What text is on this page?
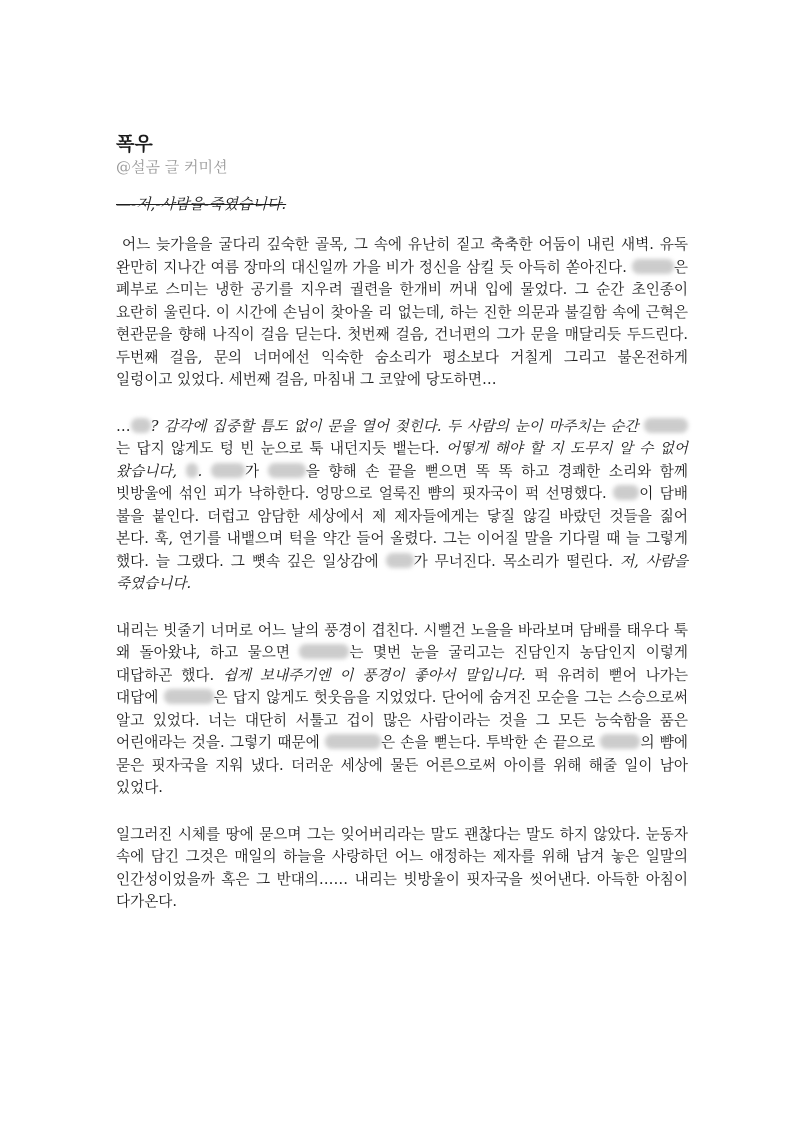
폭우

@설곰 글 커미션

—-저,-사람을-죽였습니다.

어느 늦가을을 굴다리 깊숙한 골목, 그 속에 유난히 짙고 축축한 어둠이 내린 새벽. 유독 완만히 지나간 여름 장마의 대신일까 가을 비가 정신을 삼킬 듯 아득히 쏟아진다.	은 폐부로 스미는 냉한 공기를 지우려 궐련을 한개비 꺼내 입에 물었다. 그 순간 초인종이 요란히 울린다. 이 시간에 손님이 찾아올 리 없는데, 하는 진한 의문과 불길함 속에 근혁은 현관문을 향해 나직이 걸음 딛는다. 첫번째 걸음, 건너편의 그가 문을 매달리듯 두드린다. 두번째 걸음, 문의 너머에선 익숙한 숨소리가 평소보다 거칠게 그리고 불온전하게 일렁이고 있었다. 세번째 걸음, 마침내 그 코앞에 당도하면…

… ? 감각에 집중할 틈도 없이 문을 열어 젖힌다. 두 사람의 눈이 마주치는 순간 는 답지 않게도 텅 빈 눈으로 툭 내던지듯 뱉는다. 어떻게 해야 할 지 도무지 알 수 없어 왔습니다, . 가	을 향해 손 끝을 뻗으면 똑 똑 하고 경쾌한 소리와 함께 빗방울에 섞인 피가 낙하한다. 엉망으로 얼룩진 뺨의 핏자국이 퍽 선명했다. 이 담배 불을 붙인다. 더럽고 암담한 세상에서 제 제자들에게는 닿질 않길 바랐던 것들을 짊어 본다. 훅, 연기를 내뱉으며 턱을 약간 들어 올렸다. 그는 이어질 말을 기다릴 때 늘 그렇게 했다. 늘 그랬다. 그 뼛속 깊은 일상감에 가 무너진다. 목소리가 떨린다. 저, 사람을 죽였습니다.

내리는 빗줄기 너머로 어느 날의 풍경이 겹친다. 시뻘건 노을을 바라보며 담배를 태우다 툭 왜 돌아왔냐, 하고 물으면	는 몇번 눈을 굴리고는 진담인지 농담인지 이렇게 대답하곤 했다. 쉽게 보내주기엔 이 풍경이 좋아서 말입니다. 퍽 유려히 뻗어 나가는 대답에	은 답지 않게도 헛웃음을 지었었다. 단어에 숨겨진 모순을 그는 스승으로써 알고 있었다. 너는 대단히 서툴고 겁이 많은 사람이라는 것을 그 모든 능숙함을 품은 어린애라는 것을. 그렇기 때문에	은 손을 뻗는다. 투박한 손 끝으로	의 뺨에 묻은 핏자국을 지워 냈다. 더러운 세상에 물든 어른으로써 아이를 위해 해줄 일이 남아 있었다.

일그러진 시체를 땅에 묻으며 그는 잊어버리라는 말도 괜찮다는 말도 하지 않았다. 눈동자 속에 담긴 그것은 매일의 하늘을 사랑하던 어느 애정하는 제자를 위해 남겨 놓은 일말의 인간성이었을까 혹은 그 반대의…… 내리는 빗방울이 핏자국을 씻어낸다. 아득한 아침이 다가온다.
